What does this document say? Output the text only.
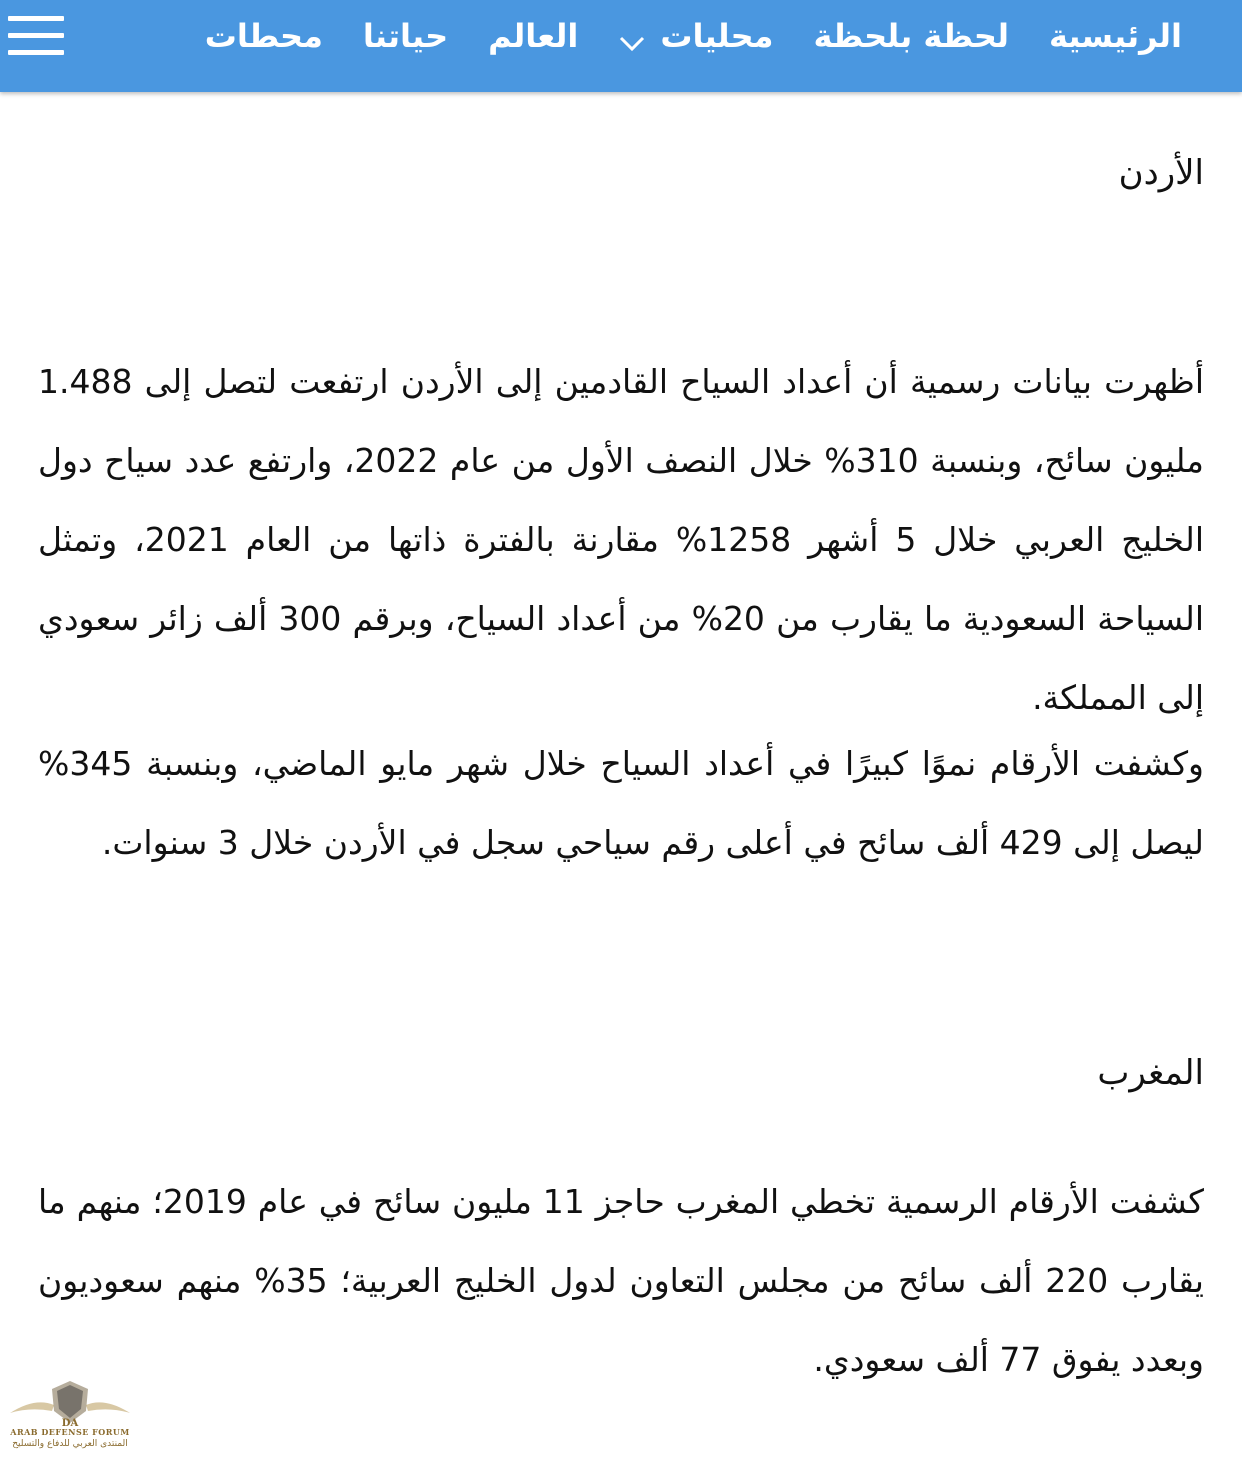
الرئيسية
لحظة بلحظة
محليات
العالم
حياتنا
محطات
الأردن

أظهرت بيانات رسمية أن أعداد السياح القادمين إلى الأردن ارتفعت لتصل إلى 1.488 مليون سائح، وبنسبة 310% خلال النصف الأول من عام 2022، وارتفع عدد سياح دول الخليج العربي خلال 5 أشهر 1258% مقارنة بالفترة ذاتها من العام 2021، وتمثل السياحة السعودية ما يقارب من 20% من أعداد السياح، وبرقم 300 ألف زائر سعودي إلى المملكة.

وكشفت الأرقام نموًا كبيرًا في أعداد السياح خلال شهر مايو الماضي، وبنسبة 345% ليصل إلى 429 ألف سائح في أعلى رقم سياحي سجل في الأردن خلال 3 سنوات.

المغرب

كشفت الأرقام الرسمية تخطي المغرب حاجز 11 مليون سائح في عام 2019؛ منهم ما يقارب 220 ألف سائح من مجلس التعاون لدول الخليج العربية؛ 35% منهم سعوديون وبعدد يفوق 77 ألف سعودي.

DA
ARAB DEFENSE FORUM
المنتدى العربي للدفاع والتسليح
